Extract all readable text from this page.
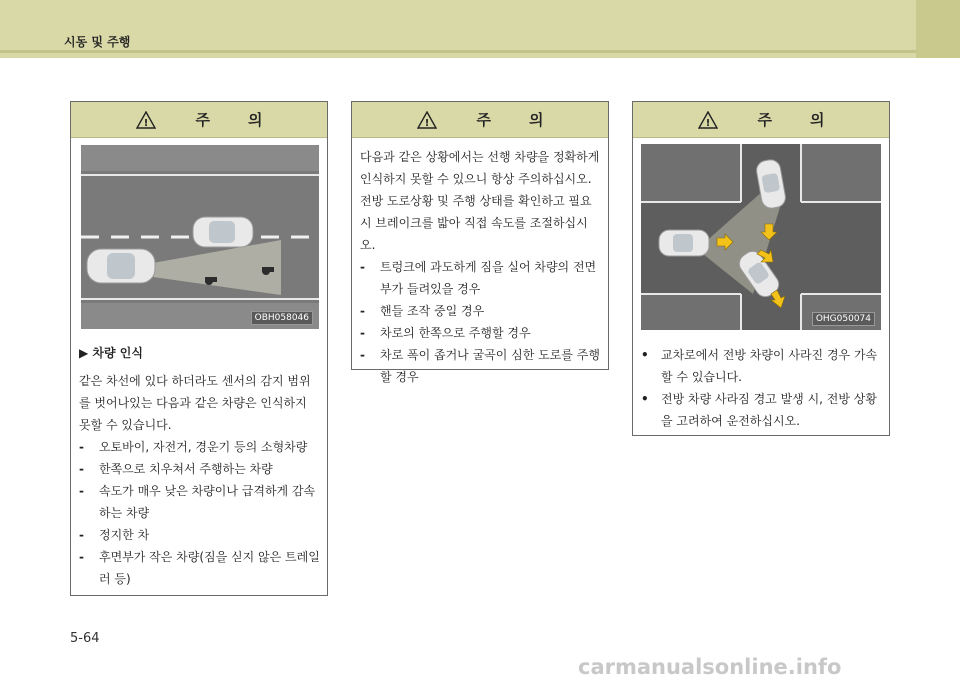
시동 및 주행
!	주	의
OBH058046
▶ 차량 인식
같은 차선에 있다 하더라도 센서의 감지 범위를 벗어나있는 다음과 같은 차량은 인식하지 못할 수 있습니다.
-	오토바이, 자전거, 경운기 등의 소형차량
-	한쪽으로 치우쳐서 주행하는 차량
-	속도가 매우 낮은 차량이나 급격하게 감속하는 차량
-	정지한 차
-	후면부가 작은 차량(짐을 싣지 않은 트레일러 등)
!	주	의
다음과 같은 상황에서는 선행 차량을 정확하게 인식하지 못할 수 있으니 항상 주의하십시오. 전방 도로상황 및 주행 상태를 확인하고 필요시 브레이크를 밟아 직접 속도를 조절하십시오.
-	트렁크에 과도하게 짐을 실어 차량의 전면부가 들려있을 경우
-	핸들 조작 중일 경우
-	차로의 한쪽으로 주행할 경우
-	차로 폭이 좁거나 굴곡이 심한 도로를 주행할 경우
!	주	의
OHG050074
•	교차로에서 전방 차량이 사라진 경우 가속할 수 있습니다.
•	전방 차량 사라짐 경고 발생 시, 전방 상황을 고려하여 운전하십시오.
5-64
carmanualsonline.info
